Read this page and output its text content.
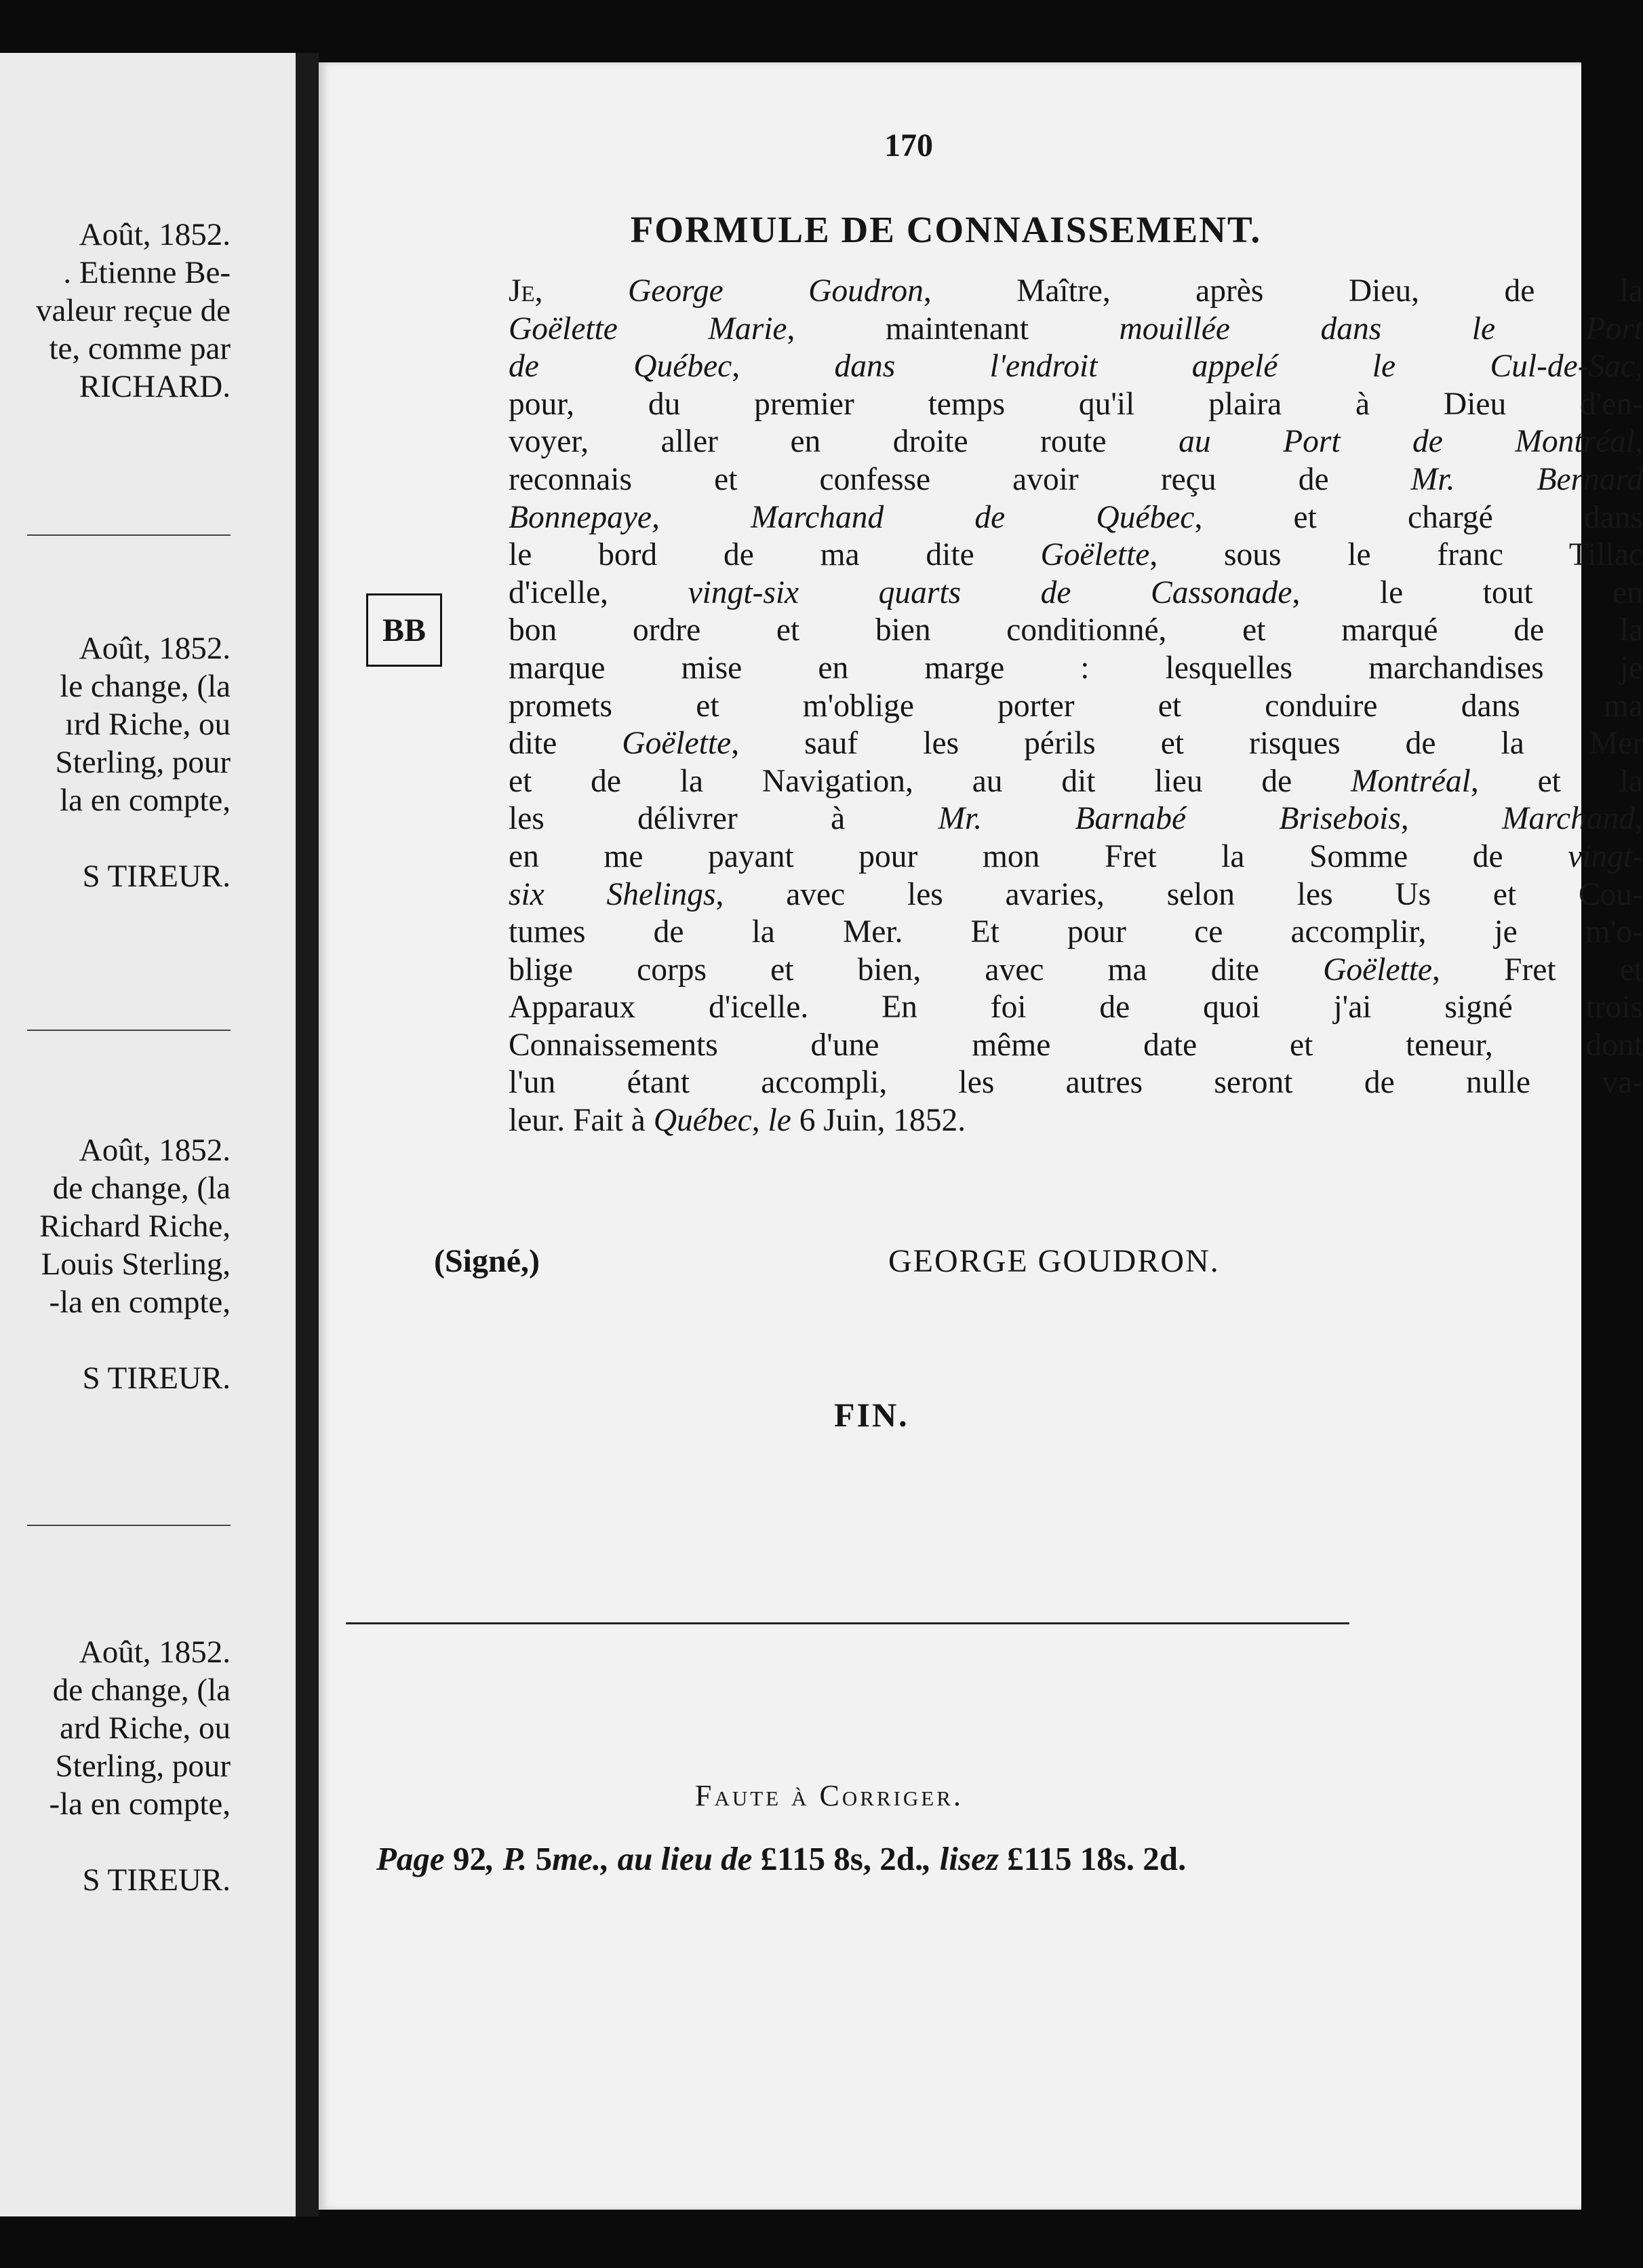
Août, 1852.
. Etienne Be-
valeur reçue de
te, comme par
RICHARD.
Août, 1852.
le change, (la
ırd Riche, ou
Sterling, pour
la en compte,
S TIREUR.
Août, 1852.
de change, (la
Richard Riche,
Louis Sterling,
-la en compte,
S TIREUR.
Août, 1852.
de change, (la
ard Riche, ou
Sterling, pour
-la en compte,
S TIREUR.
170
FORMULE DE CONNAISSEMENT.
BB
Je, George Goudron, Maître, après Dieu, de la
Goëlette Marie, maintenant mouillée dans le Port
de Québec, dans l'endroit appelé le Cul-de-Sac,
pour, du premier temps qu'il plaira à Dieu d'en-
voyer, aller en droite route au Port de Montréal,
reconnais et confesse avoir reçu de Mr. Bernard
Bonnepaye, Marchand de Québec, et chargé dans
le bord de ma dite Goëlette, sous le franc Tillac
d'icelle, vingt-six quarts de Cassonade, le tout en
bon ordre et bien conditionné, et marqué de la
marque mise en marge : lesquelles marchandises je
promets et m'oblige porter et conduire dans ma
dite Goëlette, sauf les périls et risques de la Mer
et de la Navigation, au dit lieu de Montréal, et la
les délivrer à Mr. Barnabé Brisebois, Marchand,
en me payant pour mon Fret la Somme de vingt-
six Shelings, avec les avaries, selon les Us et Cou-
tumes de la Mer. Et pour ce accomplir, je m'o-
blige corps et bien, avec ma dite Goëlette, Fret et
Apparaux d'icelle. En foi de quoi j'ai signé trois
Connaissements d'une même date et teneur, dont
l'un étant accompli, les autres seront de nulle va-
leur. Fait à Québec, le 6 Juin, 1852.
(Signé,)	GEORGE GOUDRON.
FIN.
Faute à Corriger.
Page 92, P. 5me., au lieu de £115 8s, 2d., lisez £115 18s. 2d.
